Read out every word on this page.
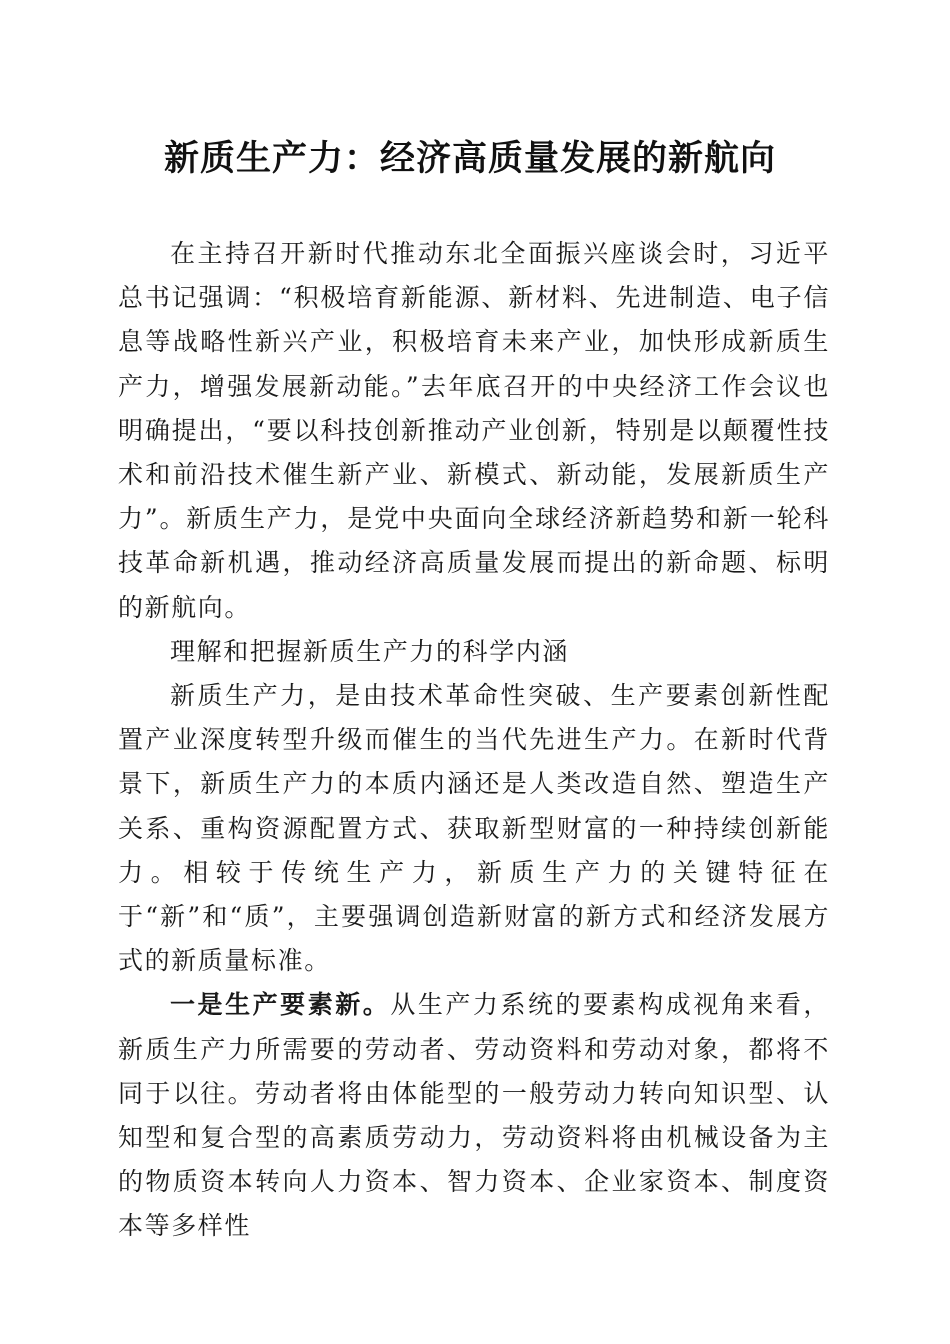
新质生产力：经济高质量发展的新航向

在主持召开新时代推动东北全面振兴座谈会时，习近平总书记强调：“积极培育新能源、新材料、先进制造、电子信息等战略性新兴产业，积极培育未来产业，加快形成新质生产力，增强发展新动能。”去年底召开的中央经济工作会议也明确提出，“要以科技创新推动产业创新，特别是以颠覆性技术和前沿技术催生新产业、新模式、新动能，发展新质生产力”。新质生产力，是党中央面向全球经济新趋势和新一轮科技革命新机遇，推动经济高质量发展而提出的新命题、标明的新航向。

理解和把握新质生产力的科学内涵

新质生产力，是由技术革命性突破、生产要素创新性配置产业深度转型升级而催生的当代先进生产力。在新时代背景下，新质生产力的本质内涵还是人类改造自然、塑造生产关系、重构资源配置方式、获取新型财富的一种持续创新能力。相较于传统生产力，新质生产力的关键特征在于“新”和“质”，主要强调创造新财富的新方式和经济发展方式的新质量标准。

一是生产要素新。从生产力系统的要素构成视角来看，新质生产力所需要的劳动者、劳动资料和劳动对象，都将不同于以往。劳动者将由体能型的一般劳动力转向知识型、认知型和复合型的高素质劳动力，劳动资料将由机械设备为主的物质资本转向人力资本、智力资本、企业家资本、制度资本等多样性
